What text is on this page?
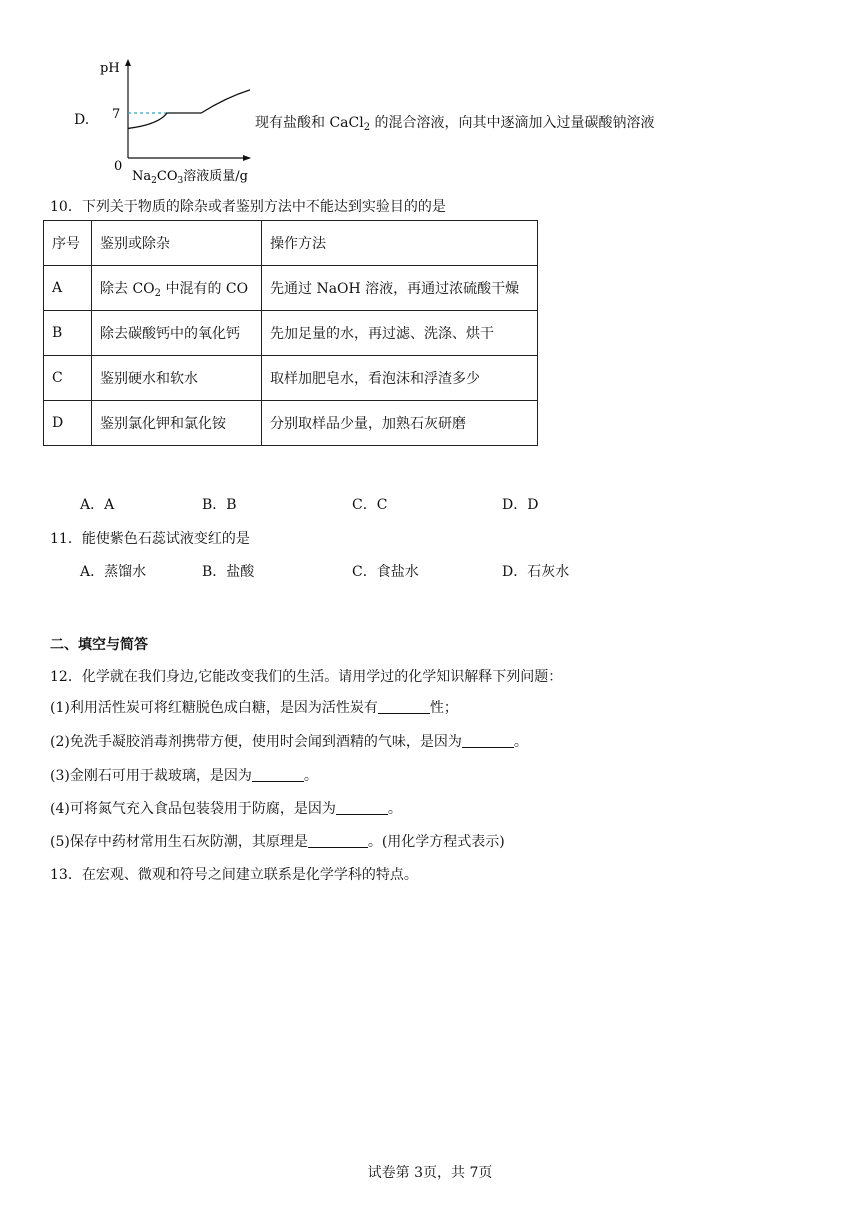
D.
pH
0
7
$Na_2CO_3$溶液质量/g
现有盐酸和 CaCl$_2$ 的混合溶液，向其中逐滴加入过量碳酸钠溶液
10．下列关于物质的除杂或者鉴别方法中不能达到实验目的的是
序号	鉴别或除杂	操作方法
A	除去 $CO_2$ 中混有的 CO	先通过 NaOH 溶液，再通过浓硫酸干燥
B	除去碳酸钙中的氧化钙	先加足量的水，再过滤、洗涤、烘干
C	鉴别硬水和软水	取样加肥皂水，看泡沫和浮渣多少
D	鉴别氯化钾和氯化铵	分别取样品少量，加熟石灰研磨
A．A	B．B	C．C	D．D
11．能使紫色石蕊试液变红的是
A．蒸馏水	B．盐酸	C．食盐水	D．石灰水
二、填空与简答
12．化学就在我们身边,它能改变我们的生活。请用学过的化学知识解释下列问题：
(1)利用活性炭可将红糖脱色成白糖，是因为活性炭有	性；
(2)免洗手凝胶消毒剂携带方便，使用时会闻到酒精的气味，是因为	。
(3)金刚石可用于裁玻璃，是因为	。
(4)可将氮气充入食品包装袋用于防腐，是因为	。
(5)保存中药材常用生石灰防潮，其原理是	。(用化学方程式表示)
13．在宏观、微观和符号之间建立联系是化学学科的特点。
试卷第 3页，共 7页
